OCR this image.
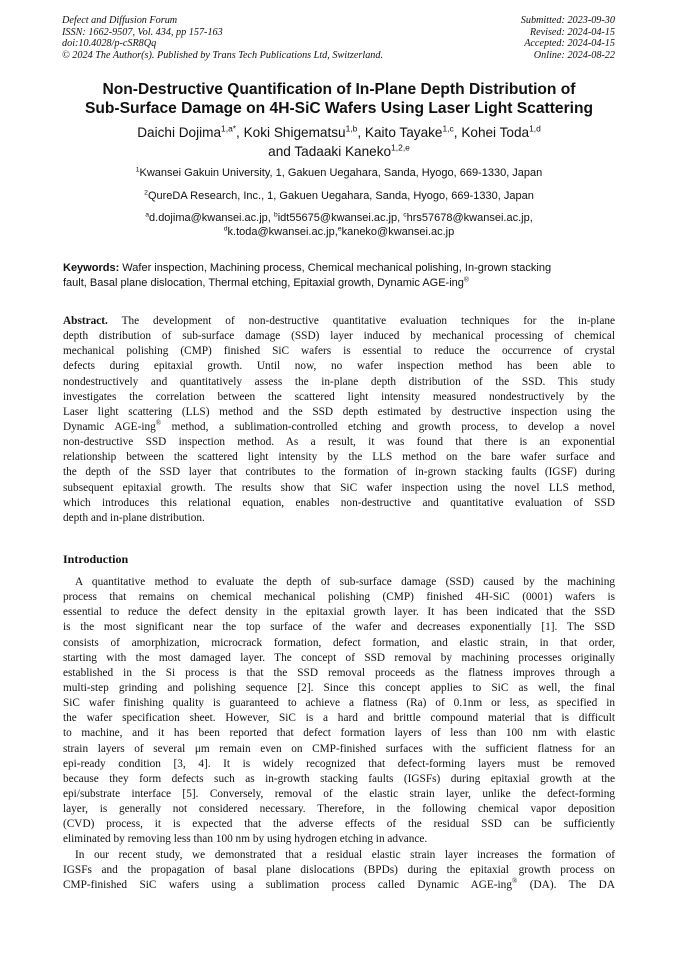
Defect and Diffusion Forum
ISSN: 1662-9507, Vol. 434, pp 157-163
doi:10.4028/p-cSR8Qq
© 2024 The Author(s). Published by Trans Tech Publications Ltd, Switzerland.
Submitted: 2023-09-30
Revised: 2024-04-15
Accepted: 2024-04-15
Online: 2024-08-22
Non-Destructive Quantification of In-Plane Depth Distribution of
Sub-Surface Damage on 4H-SiC Wafers Using Laser Light Scattering
Daichi Dojima$^{1,a*}$, Koki Shigematsu$^{1,b}$, Kaito Tayake$^{1,c}$, Kohei Toda$^{1,d}$
and Tadaaki Kaneko$^{1,2,e}$
$^1$Kwansei Gakuin University, 1, Gakuen Uegahara, Sanda, Hyogo, 669-1330, Japan
$^2$QureDA Research, Inc., 1, Gakuen Uegahara, Sanda, Hyogo, 669-1330, Japan
$^a$d.dojima@kwansei.ac.jp, $^b$idt55675@kwansei.ac.jp, $^c$hrs57678@kwansei.ac.jp,
$^d$k.toda@kwansei.ac.jp,$^e$kaneko@kwansei.ac.jp
Keywords: Wafer inspection, Machining process, Chemical mechanical polishing, In-grown stacking
fault, Basal plane dislocation, Thermal etching, Epitaxial growth, Dynamic AGE-ing®
Abstract. The development of non-destructive quantitative evaluation techniques for the in-plane
depth distribution of sub-surface damage (SSD) layer induced by mechanical processing of chemical
mechanical polishing (CMP) finished SiC wafers is essential to reduce the occurrence of crystal
defects during epitaxial growth. Until now, no wafer inspection method has been able to
nondestructively and quantitatively assess the in-plane depth distribution of the SSD. This study
investigates the correlation between the scattered light intensity measured nondestructively by the
Laser light scattering (LLS) method and the SSD depth estimated by destructive inspection using the
Dynamic AGE-ing® method, a sublimation-controlled etching and growth process, to develop a novel
non-destructive SSD inspection method. As a result, it was found that there is an exponential
relationship between the scattered light intensity by the LLS method on the bare wafer surface and
the depth of the SSD layer that contributes to the formation of in-grown stacking faults (IGSF) during
subsequent epitaxial growth. The results show that SiC wafer inspection using the novel LLS method,
which introduces this relational equation, enables non-destructive and quantitative evaluation of SSD
depth and in-plane distribution.
Introduction
A quantitative method to evaluate the depth of sub-surface damage (SSD) caused by the machining
process that remains on chemical mechanical polishing (CMP) finished 4H-SiC (0001) wafers is
essential to reduce the defect density in the epitaxial growth layer. It has been indicated that the SSD
is the most significant near the top surface of the wafer and decreases exponentially [1]. The SSD
consists of amorphization, microcrack formation, defect formation, and elastic strain, in that order,
starting with the most damaged layer. The concept of SSD removal by machining processes originally
established in the Si process is that the SSD removal proceeds as the flatness improves through a
multi-step grinding and polishing sequence [2]. Since this concept applies to SiC as well, the final
SiC wafer finishing quality is guaranteed to achieve a flatness (Ra) of 0.1nm or less, as specified in
the wafer specification sheet. However, SiC is a hard and brittle compound material that is difficult
to machine, and it has been reported that defect formation layers of less than 100 nm with elastic
strain layers of several μm remain even on CMP-finished surfaces with the sufficient flatness for an
epi-ready condition [3, 4]. It is widely recognized that defect-forming layers must be removed
because they form defects such as in-growth stacking faults (IGSFs) during epitaxial growth at the
epi/substrate interface [5]. Conversely, removal of the elastic strain layer, unlike the defect-forming
layer, is generally not considered necessary. Therefore, in the following chemical vapor deposition
(CVD) process, it is expected that the adverse effects of the residual SSD can be sufficiently
eliminated by removing less than 100 nm by using hydrogen etching in advance.
In our recent study, we demonstrated that a residual elastic strain layer increases the formation of
IGSFs and the propagation of basal plane dislocations (BPDs) during the epitaxial growth process on
CMP-finished SiC wafers using a sublimation process called Dynamic AGE-ing® (DA). The DA
